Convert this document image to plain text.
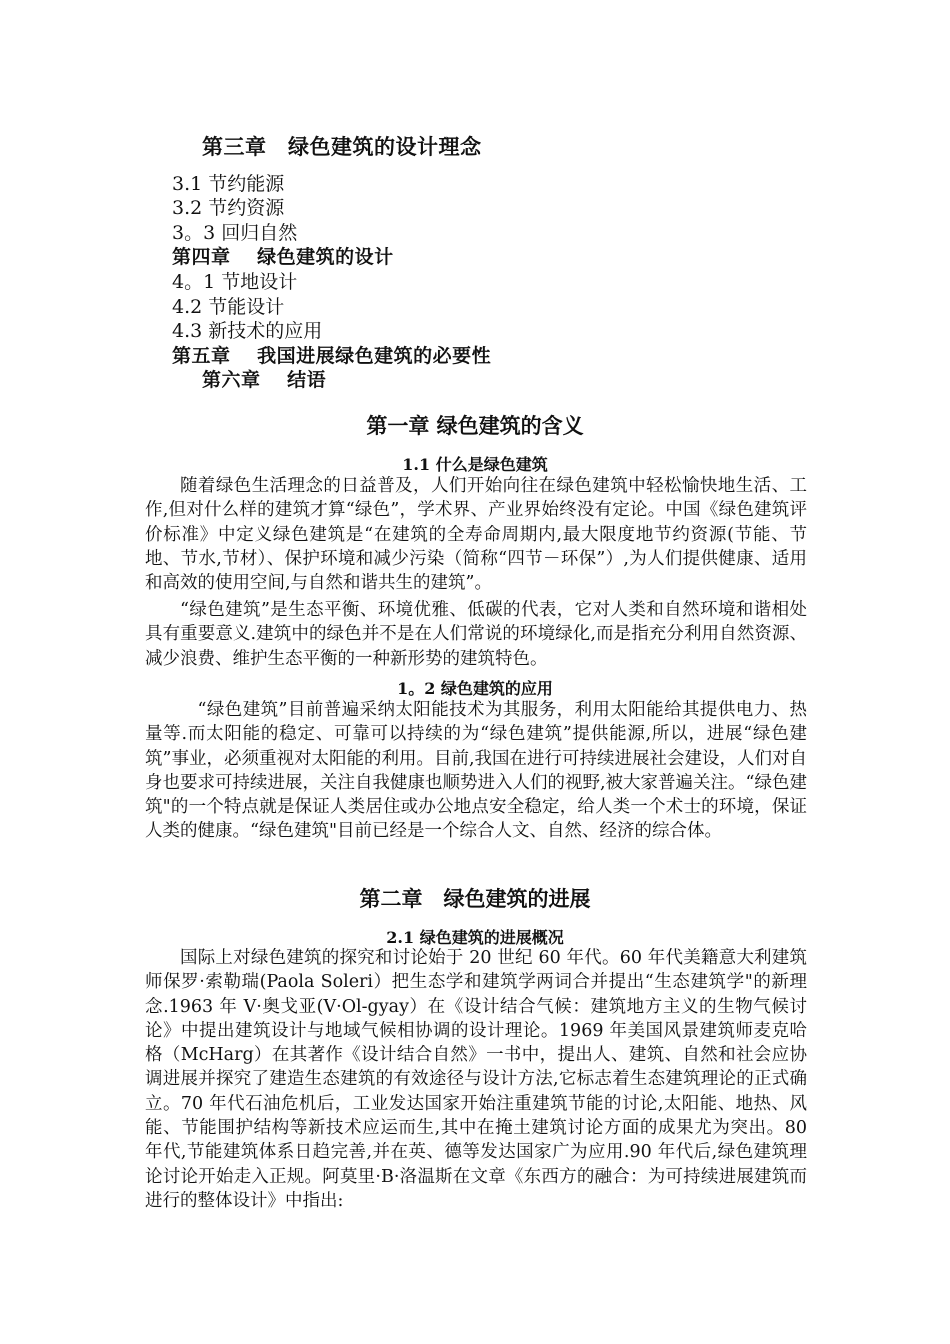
第三章　绿色建筑的设计理念
3.1 节约能源
3.2 节约资源
3。3 回归自然
第四章　 绿色建筑的设计
4。1 节地设计
4.2 节能设计
4.3 新技术的应用
第五章　 我国进展绿色建筑的必要性
第六章　 结语
第一章 绿色建筑的含义
1.1 什么是绿色建筑

随着绿色生活理念的日益普及，人们开始向往在绿色建筑中轻松愉快地生活、工作,但对什么样的建筑才算“绿色”，学术界、产业界始终没有定论。中国《绿色建筑评价标准》中定义绿色建筑是“在建筑的全寿命周期内,最大限度地节约资源(节能、节地、节水,节材）、保护环境和减少污染（简称“四节－环保”）,为人们提供健康、适用和高效的使用空间,与自然和谐共生的建筑”。

“绿色建筑”是生态平衡、环境优雅、低碳的代表，它对人类和自然环境和谐相处具有重要意义.建筑中的绿色并不是在人们常说的环境绿化,而是指充分利用自然资源、减少浪费、维护生态平衡的一种新形势的建筑特色。

1。2 绿色建筑的应用

“绿色建筑”目前普遍采纳太阳能技术为其服务，利用太阳能给其提供电力、热量等.而太阳能的稳定、可靠可以持续的为“绿色建筑”提供能源,所以，进展“绿色建筑”事业，必须重视对太阳能的利用。目前,我国在进行可持续进展社会建设，人们对自身也要求可持续进展，关注自我健康也顺势进入人们的视野,被大家普遍关注。“绿色建筑"的一个特点就是保证人类居住或办公地点安全稳定，给人类一个术士的环境，保证人类的健康。“绿色建筑"目前已经是一个综合人文、自然、经济的综合体。

第二章　绿色建筑的进展
2.1 绿色建筑的进展概况

国际上对绿色建筑的探究和讨论始于 20 世纪 60 年代。60 年代美籍意大利建筑师保罗·索勒瑞(Paola Soleri）把生态学和建筑学两词合并提出“生态建筑学"的新理念.1963 年 V·奥戈亚(V·Ol-gyay）在《设计结合气候：建筑地方主义的生物气候讨论》中提出建筑设计与地域气候相协调的设计理论。1969 年美国风景建筑师麦克哈格（McHarg）在其著作《设计结合自然》一书中，提出人、建筑、自然和社会应协调进展并探究了建造生态建筑的有效途径与设计方法,它标志着生态建筑理论的正式确立。70 年代石油危机后，工业发达国家开始注重建筑节能的讨论,太阳能、地热、风能、节能围护结构等新技术应运而生,其中在掩土建筑讨论方面的成果尤为突出。80 年代,节能建筑体系日趋完善,并在英、德等发达国家广为应用.90 年代后,绿色建筑理论讨论开始走入正规。阿莫里·B·洛温斯在文章《东西方的融合：为可持续进展建筑而进行的整体设计》中指出:
